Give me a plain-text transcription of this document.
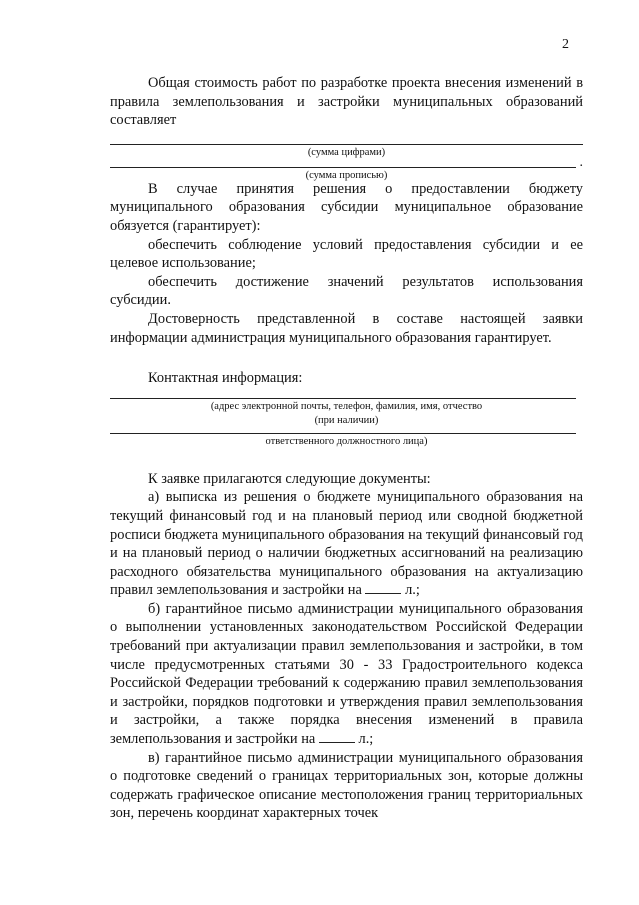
2

Общая стоимость работ по разработке проекта внесения изменений в правила землепользования и застройки муниципальных образований составляет

(сумма цифрами)
.
(сумма прописью)

В случае принятия решения о предоставлении бюджету муниципального образования субсидии муниципальное образование обязуется (гарантирует):

обеспечить соблюдение условий предоставления субсидии и ее целевое использование;

обеспечить достижение значений результатов использования субсидии.

Достоверность представленной в составе настоящей заявки информации администрация муниципального образования гарантирует.

Контактная информация:

(адрес электронной почты, телефон, фамилия, имя, отчество
(при наличии)
ответственного должностного лица)

К заявке прилагаются следующие документы:

а) выписка из решения о бюджете муниципального образования на текущий финансовый год и на плановый период или сводной бюджетной росписи бюджета муниципального образования на текущий финансовый год и на плановый период о наличии бюджетных ассигнований на реализацию расходного обязательства муниципального образования на актуализацию правил землепользования и застройки на	л.;

б) гарантийное письмо администрации муниципального образования о выполнении установленных законодательством Российской Федерации требований при актуализации правил землепользования и застройки, в том числе предусмотренных статьями 30 - 33 Градостроительного кодекса Российской Федерации требований к содержанию правил землепользования и застройки, порядков подготовки и утверждения правил землепользования и застройки, а также порядка внесения изменений в правила землепользования и застройки на	л.;

в) гарантийное письмо администрации муниципального образования о подготовке сведений о границах территориальных зон, которые должны содержать графическое описание местоположения границ территориальных зон, перечень координат характерных точек
